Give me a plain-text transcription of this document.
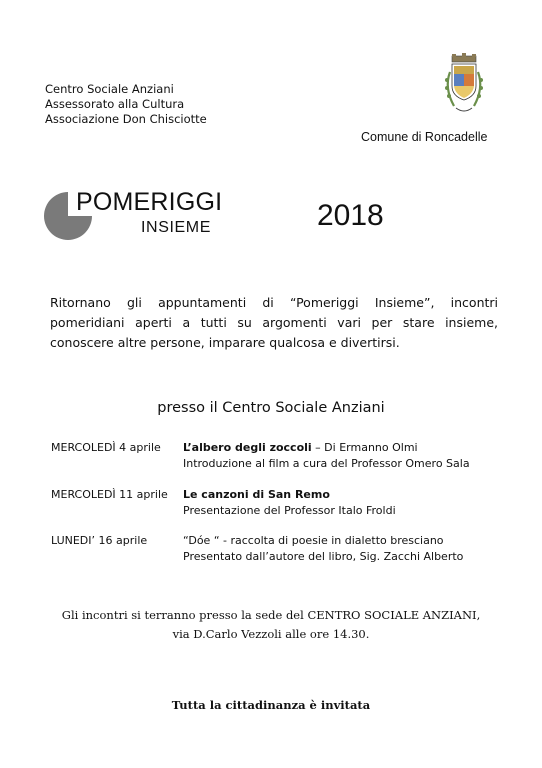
Centro Sociale Anziani
Assessorato alla Cultura
Associazione Don Chisciotte
Comune di Roncadelle
POMERIGGI
INSIEME	2018
Ritornano gli appuntamenti di “Pomeriggi Insieme”, incontri pomeridiani aperti a tutti su argomenti vari per stare insieme, conoscere altre persone, imparare qualcosa e divertirsi.
presso il Centro Sociale Anziani
MERCOLEDÌ 4 aprile L’albero degli zoccoli – Di Ermanno Olmi
Introduzione al film a cura del Professor Omero Sala
MERCOLEDÌ 11 aprile Le canzoni di San Remo
Presentazione del Professor Italo Froldi
LUNEDI’ 16 aprile	“Dóe “ - raccolta di poesie in dialetto bresciano
Presentato dall’autore del libro, Sig. Zacchi Alberto
Gli incontri si terranno presso la sede del CENTRO SOCIALE ANZIANI,
via D.Carlo Vezzoli alle ore 14.30.
Tutta la cittadinanza è invitata
